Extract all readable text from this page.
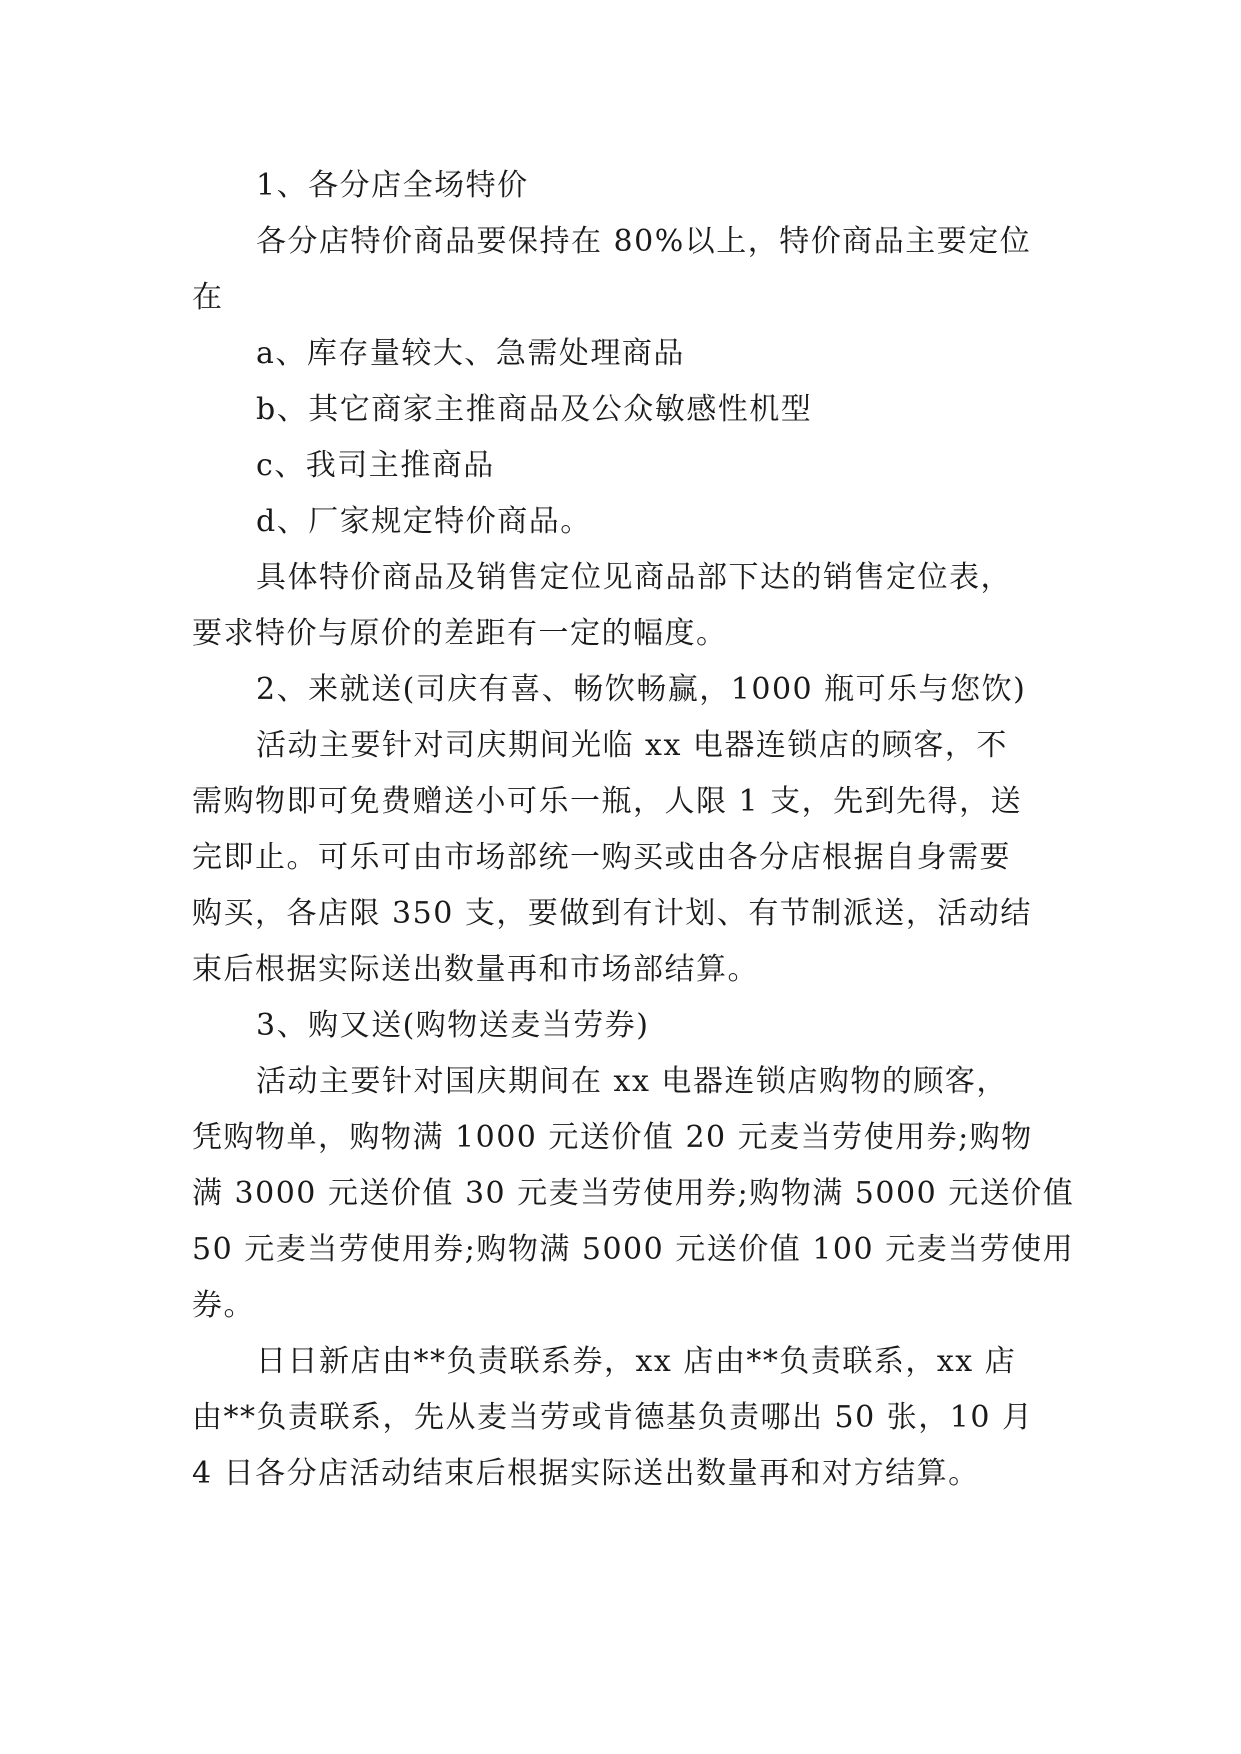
1、各分店全场特价
各分店特价商品要保持在 80%以上，特价商品主要定位
在
a、库存量较大、急需处理商品
b、其它商家主推商品及公众敏感性机型
c、我司主推商品
d、厂家规定特价商品。
具体特价商品及销售定位见商品部下达的销售定位表，
要求特价与原价的差距有一定的幅度。
2、来就送(司庆有喜、畅饮畅赢，1000 瓶可乐与您饮)
活动主要针对司庆期间光临 xx 电器连锁店的顾客，不
需购物即可免费赠送小可乐一瓶，人限 1 支，先到先得，送
完即止。可乐可由市场部统一购买或由各分店根据自身需要
购买，各店限 350 支，要做到有计划、有节制派送，活动结
束后根据实际送出数量再和市场部结算。
3、购又送(购物送麦当劳券)
活动主要针对国庆期间在 xx 电器连锁店购物的顾客，
凭购物单，购物满 1000 元送价值 20 元麦当劳使用券;购物
满 3000 元送价值 30 元麦当劳使用券;购物满 5000 元送价值
50 元麦当劳使用券;购物满 5000 元送价值 100 元麦当劳使用
券。
日日新店由**负责联系券，xx 店由**负责联系，xx 店
由**负责联系，先从麦当劳或肯德基负责哪出 50 张，10 月
4 日各分店活动结束后根据实际送出数量再和对方结算。
